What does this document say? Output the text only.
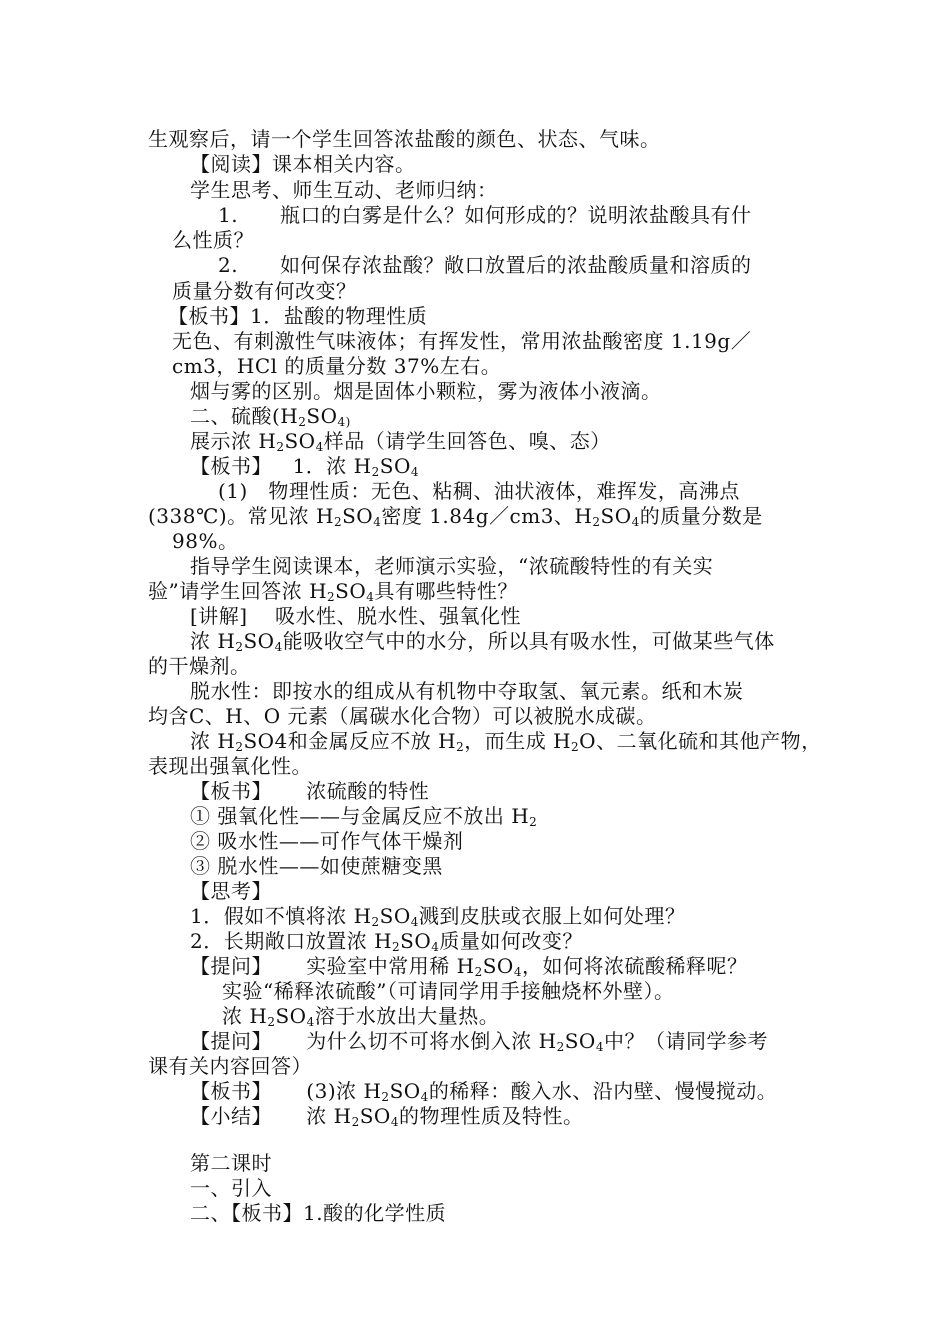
生观察后，请一个学生回答浓盐酸的颜色、状态、气味。
【阅读】课本相关内容。
学生思考、师生互动、老师归纳：
1. 瓶口的白雾是什么？如何形成的？说明浓盐酸具有什
么性质？
2. 如何保存浓盐酸？敞口放置后的浓盐酸质量和溶质的
质量分数有何改变？
【板书】1．盐酸的物理性质
无色、有刺激性气味液体；有挥发性，常用浓盐酸密度 1.19g／
cm3，HCl 的质量分数 37%左右。
烟与雾的区别。烟是固体小颗粒，雾为液体小液滴。
二、硫酸($H_2SO_{4)}$
展示浓 $H_2SO_4$样品（请学生回答色、嗅、态）
【板书】   1．浓 $H_2SO_4$
(1)   物理性质：无色、粘稠、油状液体，难挥发，高沸点
(338℃)。常见浓 $H_2SO_4$密度 1.84g／cm3、$H_2SO_4$的质量分数是
98%。
指导学生阅读课本，老师演示实验，“浓硫酸特性的有关实
验”请学生回答浓 $H_2SO_4$具有哪些特性？
[讲解]    吸水性、脱水性、强氧化性
浓 $H_2SO_4$能吸收空气中的水分，所以具有吸水性，可做某些气体
的干燥剂。
脱水性：即按水的组成从有机物中夺取氢、氧元素。纸和木炭
均含C、H、O 元素（属碳水化合物）可以被脱水成碳。
浓 $H_2SO4$和金属反应不放 $H_2$，而生成 $H_2O$、二氧化硫和其他产物，
表现出强氧化性。
【板书】     浓硫酸的特性
① 强氧化性——与金属反应不放出 $H_2$
② 吸水性——可作气体干燥剂
③ 脱水性——如使蔗糖变黑
【思考】
1．假如不慎将浓 $H_2SO_4$溅到皮肤或衣服上如何处理？
2．长期敞口放置浓 $H_2SO_4$质量如何改变？
【提问】     实验室中常用稀 $H_2SO_4$，如何将浓硫酸稀释呢？
实验“稀释浓硫酸”（可请同学用手接触烧杯外壁）。
浓 $H_2SO_4$溶于水放出大量热。
【提问】     为什么切不可将水倒入浓 $H_2SO_4$中？（请同学参考
课有关内容回答）
【板书】     (3)浓 $H_2SO_4$的稀释：酸入水、沿内壁、慢慢搅动。
【小结】     浓 $H_2SO_4$的物理性质及特性。
第二课时
一、引入
二、【板书】1.酸的化学性质
